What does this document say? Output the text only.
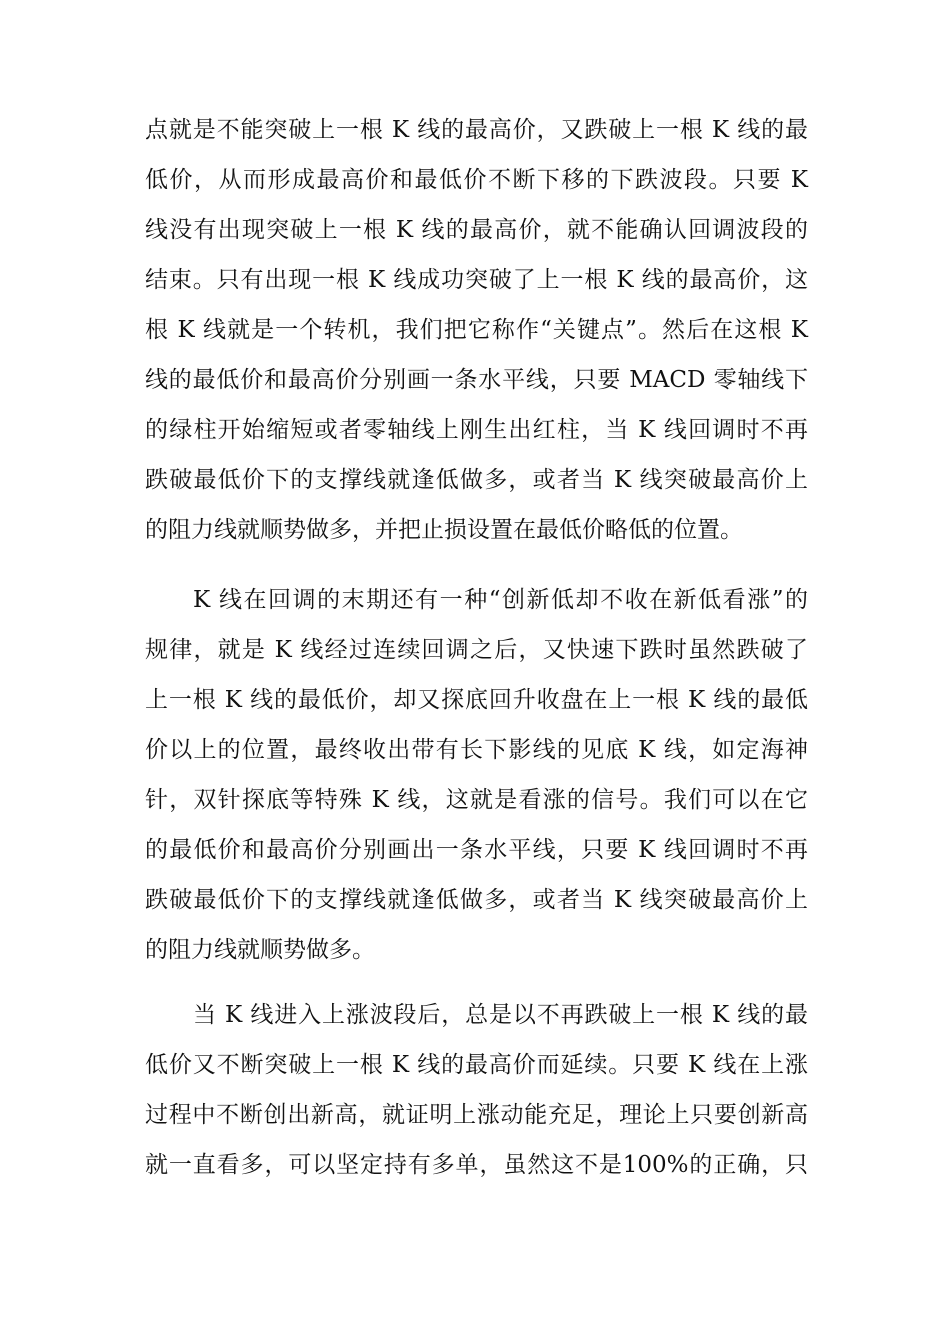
点就是不能突破上一根 K 线的最高价，又跌破上一根 K 线的最
低价，从而形成最高价和最低价不断下移的下跌波段。只要 K
线没有出现突破上一根 K 线的最高价，就不能确认回调波段的
结束。只有出现一根 K 线成功突破了上一根 K 线的最高价，这
根 K 线就是一个转机，我们把它称作“关键点”。然后在这根 K
线的最低价和最高价分别画一条水平线，只要 MACD 零轴线下
的绿柱开始缩短或者零轴线上刚生出红柱，当 K 线回调时不再
跌破最低价下的支撑线就逢低做多，或者当 K 线突破最高价上
的阻力线就顺势做多，并把止损设置在最低价略低的位置。
K 线在回调的末期还有一种“创新低却不收在新低看涨”的
规律，就是 K 线经过连续回调之后，又快速下跌时虽然跌破了
上一根 K 线的最低价，却又探底回升收盘在上一根 K 线的最低
价以上的位置，最终收出带有长下影线的见底 K 线，如定海神
针，双针探底等特殊 K 线，这就是看涨的信号。我们可以在它
的最低价和最高价分别画出一条水平线，只要 K 线回调时不再
跌破最低价下的支撑线就逢低做多，或者当 K 线突破最高价上
的阻力线就顺势做多。
当 K 线进入上涨波段后，总是以不再跌破上一根 K 线的最
低价又不断突破上一根 K 线的最高价而延续。只要 K 线在上涨
过程中不断创出新高，就证明上涨动能充足，理论上只要创新高
就一直看多，可以坚定持有多单，虽然这不是100%的正确，只
